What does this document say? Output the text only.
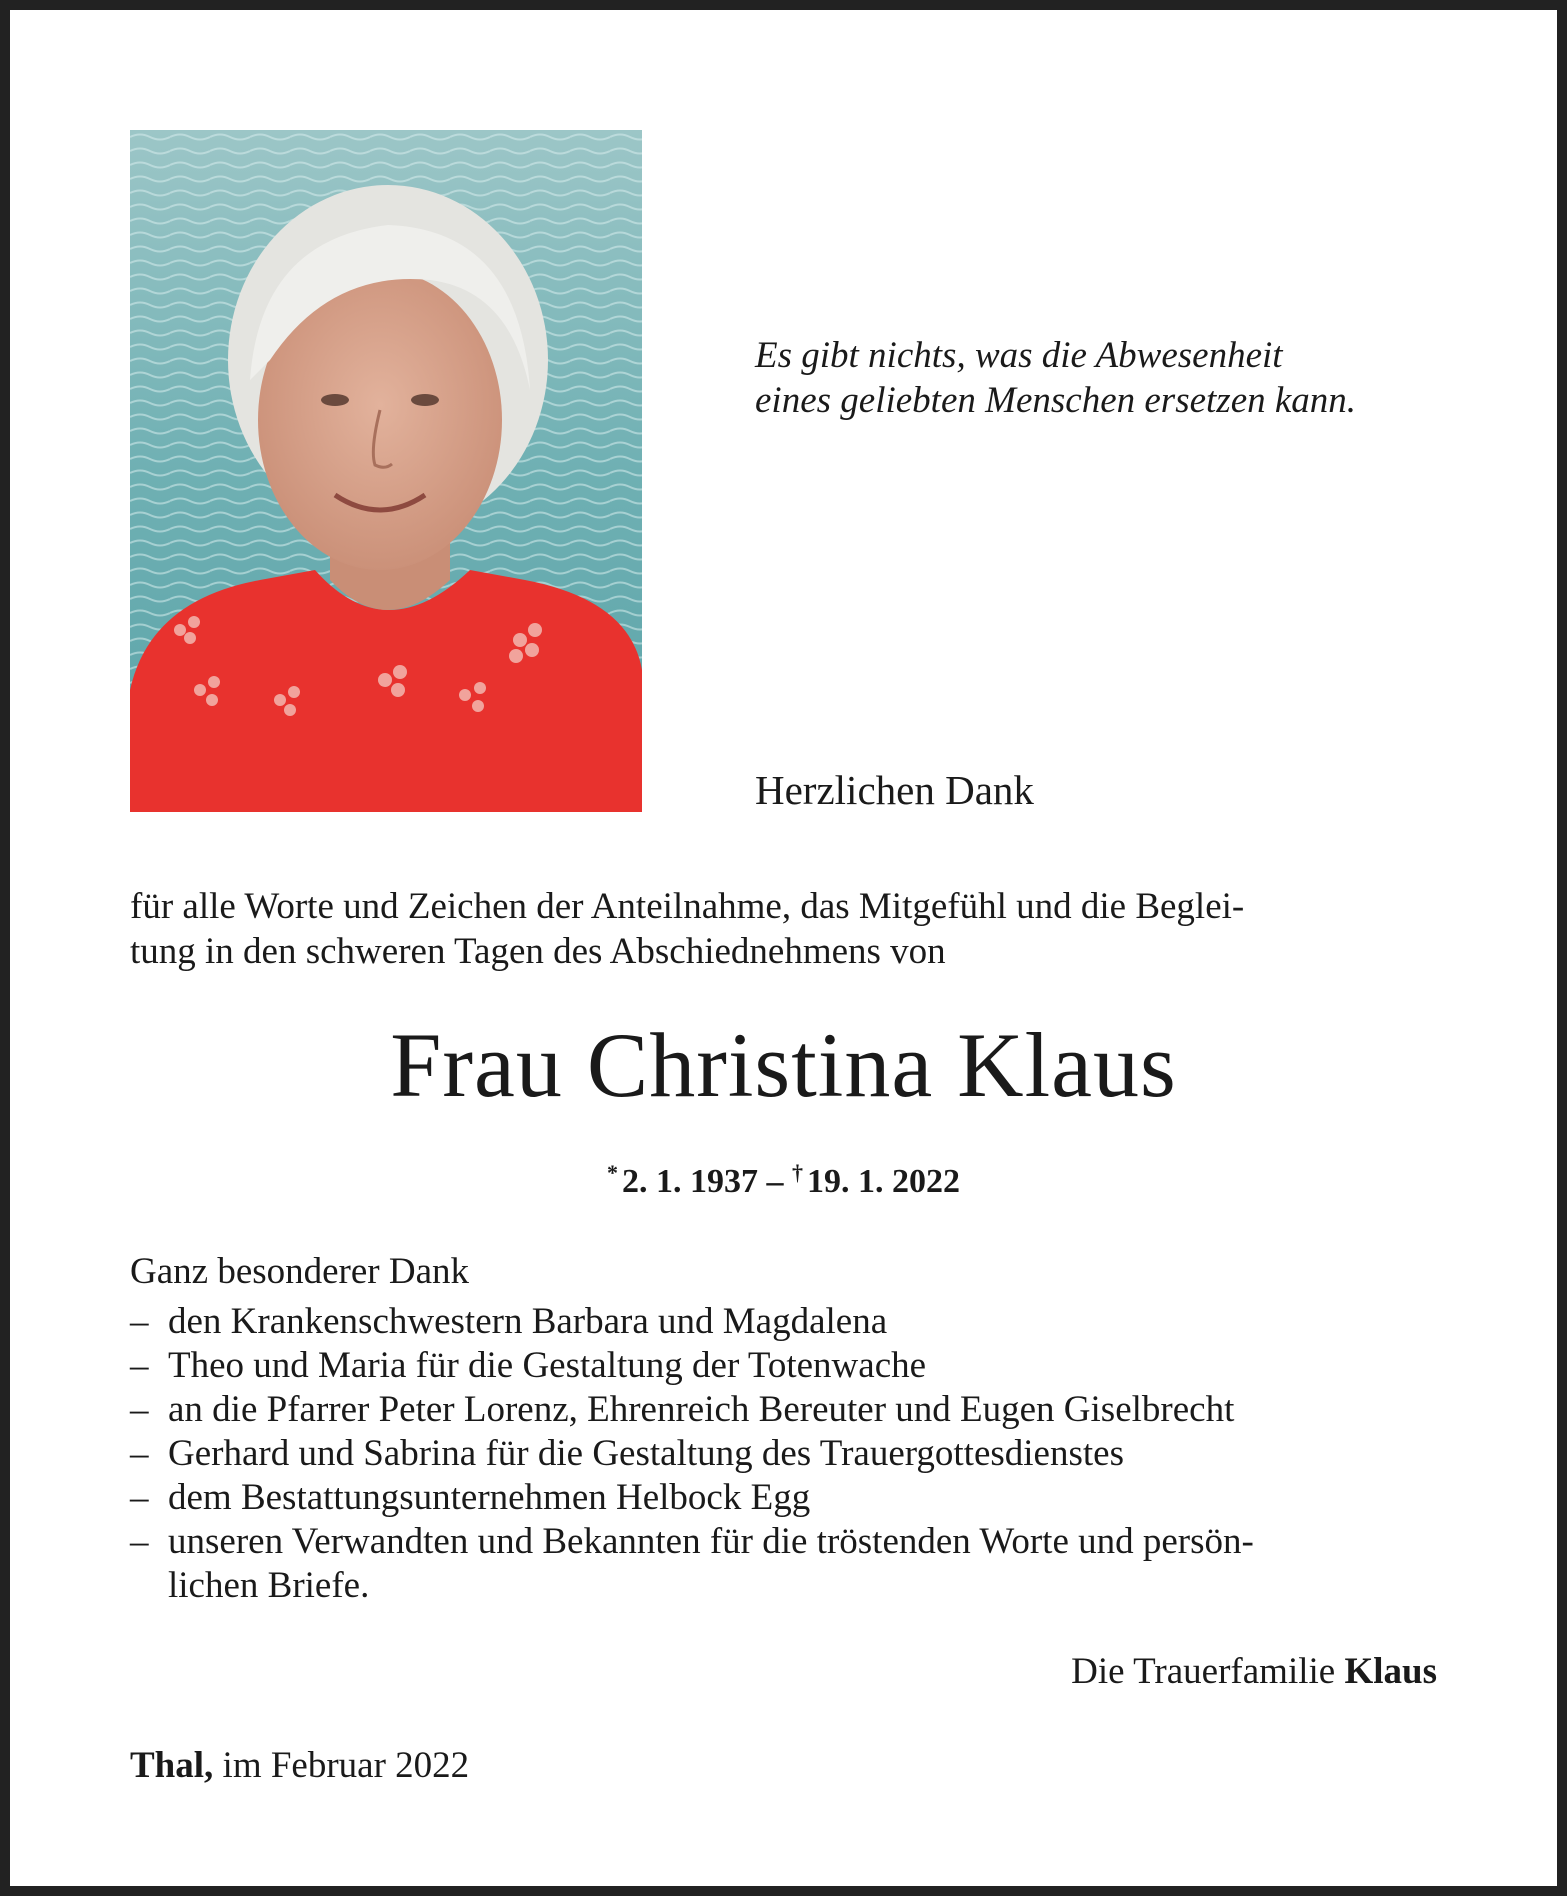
Es gibt nichts, was die Abwesenheit
eines geliebten Menschen ersetzen kann.
Herzlichen Dank
für alle Worte und Zeichen der Anteilnahme, das Mitgefühl und die Beglei-
tung in den schweren Tagen des Abschiednehmens von
Frau Christina Klaus
* 2. 1. 1937 – † 19. 1. 2022
Ganz besonderer Dank
– den Krankenschwestern Barbara und Magdalena
– Theo und Maria für die Gestaltung der Totenwache
– an die Pfarrer Peter Lorenz, Ehrenreich Bereuter und Eugen Giselbrecht
– Gerhard und Sabrina für die Gestaltung des Trauergottesdienstes
– dem Bestattungsunternehmen Helbock Egg
– unseren Verwandten und Bekannten für die tröstenden Worte und persön-
lichen Briefe.
Die Trauerfamilie Klaus
Thal, im Februar 2022
